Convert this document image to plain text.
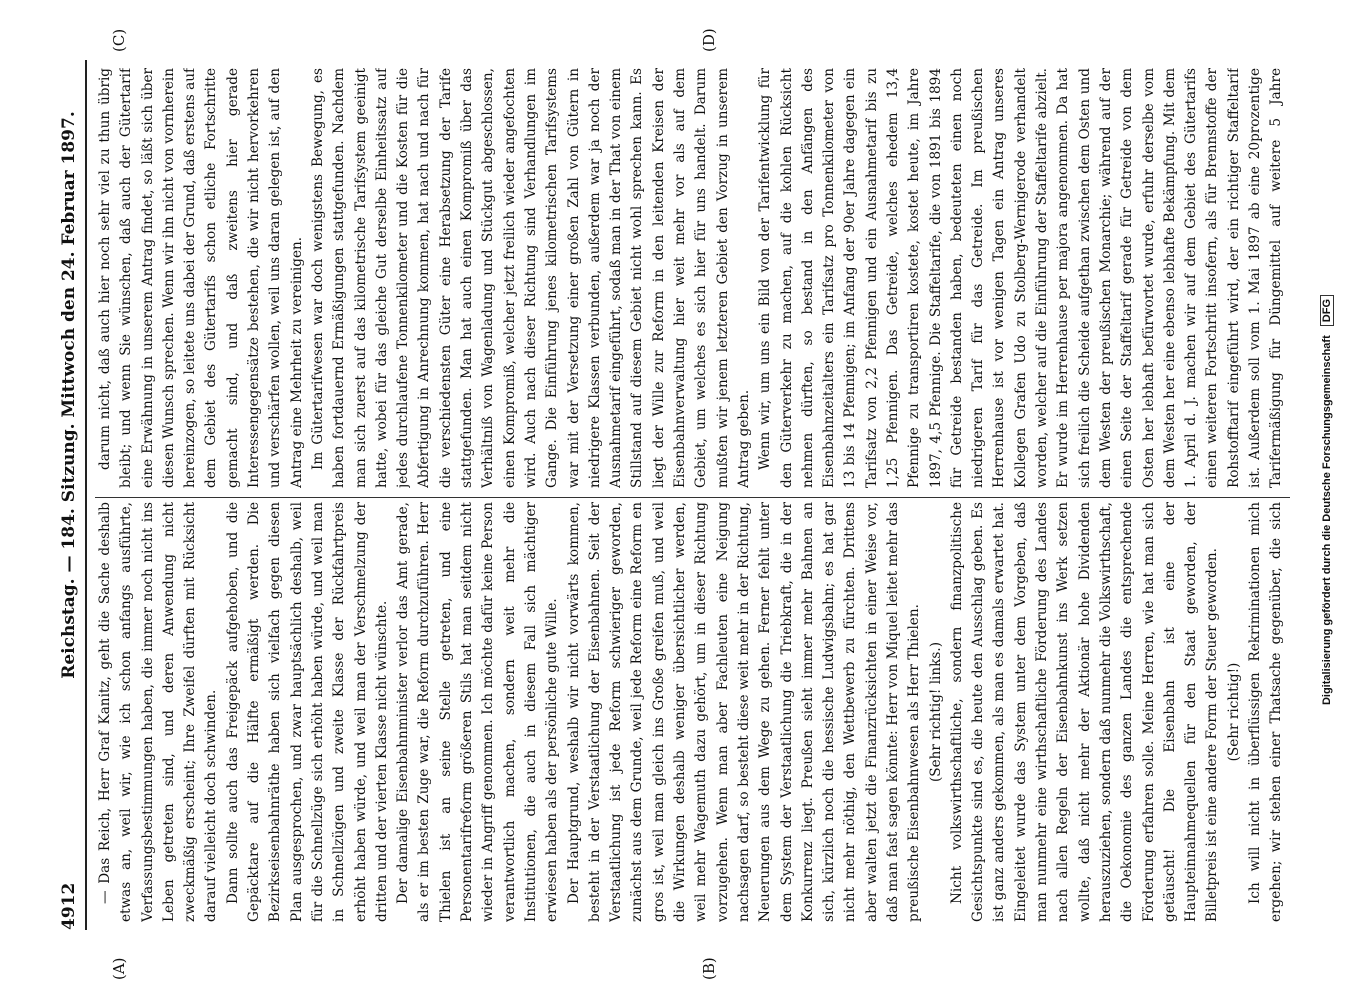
4912
Reichstag. — 184. Sitzung. Mittwoch den 24. Februar 1897.
(A)	(B)
(C)	(D)

— Das Reich, Herr Graf Kanitz, geht die Sache deshalb etwas an, weil wir, wie ich schon anfangs ausführte, Verfassungsbestimmungen haben, die immer noch nicht ins Leben getreten sind, und deren Anwendung nicht zweckmäßig erscheint; Ihre Zweifel dürften mit Rücksicht darauf vielleicht doch schwinden. Dann sollte auch das Freigepäck aufgehoben, und die Gepäcktare auf die Hälfte ermäßigt werden. Die Bezirkseisenbahnräthe haben sich vielfach gegen diesen Plan ausgesprochen, und zwar hauptsächlich deshalb, weil für die Schnellzüge sich erhöht haben würde, und weil man in Schnellzügen und zweite Klasse der Rückfahrtpreis erhöht haben würde, und weil man der Verschmelzung der dritten und der vierten Klasse nicht wünschte. Der damalige Eisenbahnminister verlor das Amt gerade, als er im besten Zuge war, die Reform durchzuführen. Herr Thielen ist an seine Stelle getreten, und eine Personentarifreform größeren Stils hat man seitdem nicht wieder in Angriff genommen. Ich möchte dafür keine Person verantwortlich machen, sondern weit mehr die Institutionen, die auch in diesem Fall sich mächtiger erwiesen haben als der persönliche gute Wille. Der Hauptgrund, weshalb wir nicht vorwärts kommen, besteht in der Verstaatlichung der Eisenbahnen. Seit der Verstaatlichung ist jede Reform schwieriger geworden, zunächst aus dem Grunde, weil jede Reform eine Reform en gros ist, weil man gleich ins Große greifen muß, und weil die Wirkungen deshalb weniger übersichtlicher werden, weil mehr Wagemuth dazu gehört, um in dieser Richtung vorzugehen. Wenn man aber Fachleuten eine Neigung nachsagen darf, so besteht diese weit mehr in der Richtung, Neuerungen aus dem Wege zu gehen. Ferner fehlt unter dem System der Verstaatlichung die Triebkraft, die in der Konkurrenz liegt. Preußen sieht immer mehr Bahnen an sich, kürzlich noch die hessische Ludwigsbahn; es hat gar nicht mehr nöthig, den Wettbewerb zu fürchten. Drittens aber walten jetzt die Finanzrücksichten in einer Weise vor, daß man fast sagen könnte: Herr von Miquel leitet mehr das preußische Eisenbahnwesen als Herr Thielen. (Sehr richtig! links.) Nicht volkswirthschaftliche, sondern finanzpolitische Gesichtspunkte sind es, die heute den Ausschlag geben. Es ist ganz anders gekommen, als man es damals erwartet hat. Eingeleitet wurde das System unter dem Vorgeben, daß man nunmehr eine wirthschaftliche Förderung des Landes nach allen Regeln der Eisenbahnkunst ins Werk setzen wollte, daß nicht mehr der Aktionär hohe Dividenden herauszuziehen, sondern daß nunmehr die Volkswirthschaft, die Oekonomie des ganzen Landes die entsprechende Förderung erfahren solle. Meine Herren, wie hat man sich getäuscht! Die Eisenbahn ist eine der Haupteinnahmequellen für den Staat geworden, der Billetpreis ist eine andere Form der Steuer geworden. (Sehr richtig!)

Ich will nicht in überflüssigen Rekriminationen mich ergehen; wir stehen einer Thatsache gegenüber, die sich

darum nicht, daß auch hier noch sehr viel zu thun übrig bleibt; und wenn Sie wünschen, daß auch der Gütertarif eine Erwähnung in unserem Antrag findet, so läßt sich über diesen Wunsch sprechen. Wenn wir ihn nicht von vornherein hereinzogen, so leitete uns dabei der Grund, daß erstens auf dem Gebiet des Gütertarifs schon etliche Fortschritte gemacht sind, und daß zweitens hier gerade Interessengegensätze bestehen, die wir nicht hervorkehren und verschärfen wollen, weil uns daran gelegen ist, auf den Antrag eine Mehrheit zu vereinigen. Im Gütertarifwesen war doch wenigstens Bewegung, es haben fortdauernd Ermäßigungen stattgefunden. Nachdem man sich zuerst auf das kilometrische Tarifsystem geeinigt hatte, wobei für das gleiche Gut derselbe Einheitssatz auf jedes durchlaufene Tonnenkilometer und die Kosten für die Abfertigung in Anrechnung kommen, hat nach und nach für die verschiedensten Güter eine Herabsetzung der Tarife stattgefunden. Man hat auch einen Kompromiß über das Verhältniß von Wagenladung und Stückgut abgeschlossen, einen Kompromiß, welcher jetzt freilich wieder angefochten wird. Auch nach dieser Richtung sind Verhandlungen im Gange. Die Einführung jenes kilometrischen Tarifsystems war mit der Versetzung einer großen Zahl von Gütern in niedrigere Klassen verbunden, außerdem war ja noch der Ausnahmetarif eingeführt, sodaß man in der That von einem Stillstand auf diesem Gebiet nicht wohl sprechen kann. Es liegt der Wille zur Reform in den leitenden Kreisen der Eisenbahnverwaltung hier weit mehr vor als auf dem Gebiet, um welches es sich hier für uns handelt. Darum mußten wir jenem letzteren Gebiet den Vorzug in unserem Antrag geben. Wenn wir, um uns ein Bild von der Tarifentwicklung für den Güterverkehr zu machen, auf die kohlen Rücksicht nehmen dürften, so bestand in den Anfängen des Eisenbahnzeitalters ein Tarifsatz pro Tonnenkilometer von 13 bis 14 Pfennigen; im Anfang der 90er Jahre dagegen ein Tarifsatz von 2,2 Pfennigen und ein Ausnahmetarif bis zu 1,25 Pfennigen. Das Getreide, welches ehedem 13,4 Pfennige zu transportiren kostete, kostet heute, im Jahre 1897, 4,5 Pfennige. Die Staffeltarife, die von 1891 bis 1894 für Getreide bestanden haben, bedeuteten einen noch niedrigeren Tarif für das Getreide. Im preußischen Herrenhause ist vor wenigen Tagen ein Antrag unseres Kollegen Grafen Udo zu Stolberg-Wernigerode verhandelt worden, welcher auf die Einführung der Staffeltarife abzielt. Er wurde im Herrenhause per majora angenommen. Da hat sich freilich die Scheide aufgethan zwischen dem Osten und dem Westen der preußischen Monarchie; während auf der einen Seite der Staffeltarif gerade für Getreide von dem Osten her lebhaft befürwortet wurde, erfuhr derselbe vom dem Westen her eine ebenso lebhafte Bekämpfung. Mit dem 1. April d. J. machen wir auf dem Gebiet des Gütertarifs einen weiteren Fortschritt insofern, als für Brennstoffe der Rohstofftarif eingeführt wird, der ein richtiger Staffeltarif ist. Außerdem soll vom 1. Mai 1897 ab eine 20prozentige Tarifermäßigung für Düngemittel auf weitere 5 Jahre

Digitalisierung gefördert durch die Deutsche Forschungsgemeinschaft DFG
